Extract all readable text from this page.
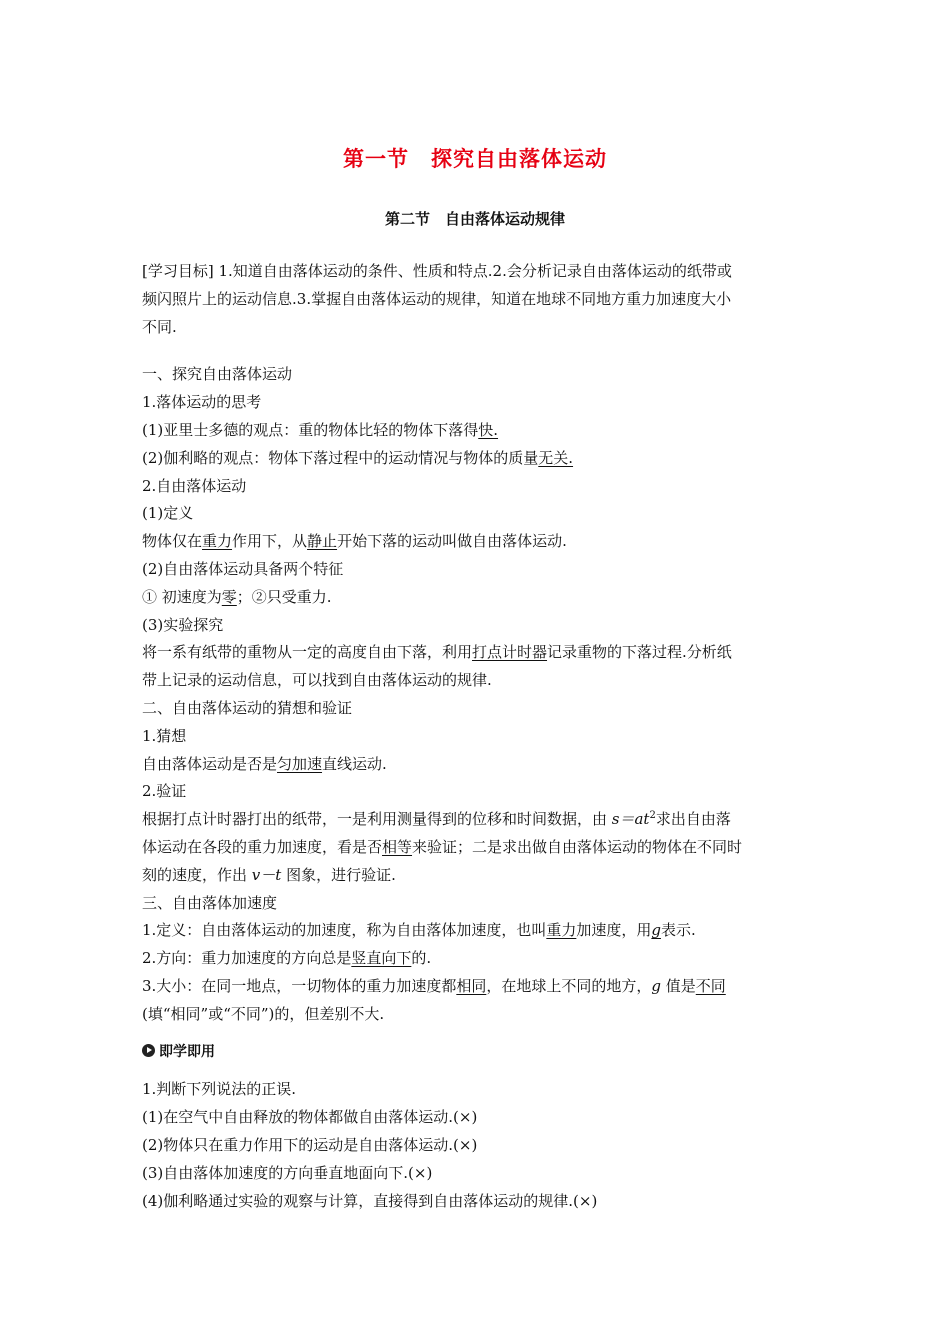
第一节　探究自由落体运动
第二节　自由落体运动规律
[学习目标] 1.知道自由落体运动的条件、性质和特点.2.会分析记录自由落体运动的纸带或
频闪照片上的运动信息.3.掌握自由落体运动的规律，知道在地球不同地方重力加速度大小
不同.
一、探究自由落体运动
1.落体运动的思考
(1)亚里士多德的观点：重的物体比轻的物体下落得快.
(2)伽利略的观点：物体下落过程中的运动情况与物体的质量无关.
2.自由落体运动
(1)定义
物体仅在重力作用下，从静止开始下落的运动叫做自由落体运动.
(2)自由落体运动具备两个特征
① 初速度为零；②只受重力.
(3)实验探究
将一系有纸带的重物从一定的高度自由下落，利用打点计时器记录重物的下落过程.分析纸
带上记录的运动信息，可以找到自由落体运动的规律.
二、自由落体运动的猜想和验证
1.猜想
自由落体运动是否是匀加速直线运动.
2.验证
根据打点计时器打出的纸带，一是利用测量得到的位移和时间数据，由 $s=at^2$求出自由落
体运动在各段的重力加速度，看是否相等来验证；二是求出做自由落体运动的物体在不同时
刻的速度，作出 v－t 图象，进行验证.
三、自由落体加速度
1.定义：自由落体运动的加速度，称为自由落体加速度，也叫重力加速度，用g表示.
2.方向：重力加速度的方向总是竖直向下的.
3.大小：在同一地点，一切物体的重力加速度都相同，在地球上不同的地方，g 值是不同
(填“相同”或“不同”)的，但差别不大.
即学即用
1.判断下列说法的正误.
(1)在空气中自由释放的物体都做自由落体运动.(×)
(2)物体只在重力作用下的运动是自由落体运动.(×)
(3)自由落体加速度的方向垂直地面向下.(×)
(4)伽利略通过实验的观察与计算，直接得到自由落体运动的规律.(×)
